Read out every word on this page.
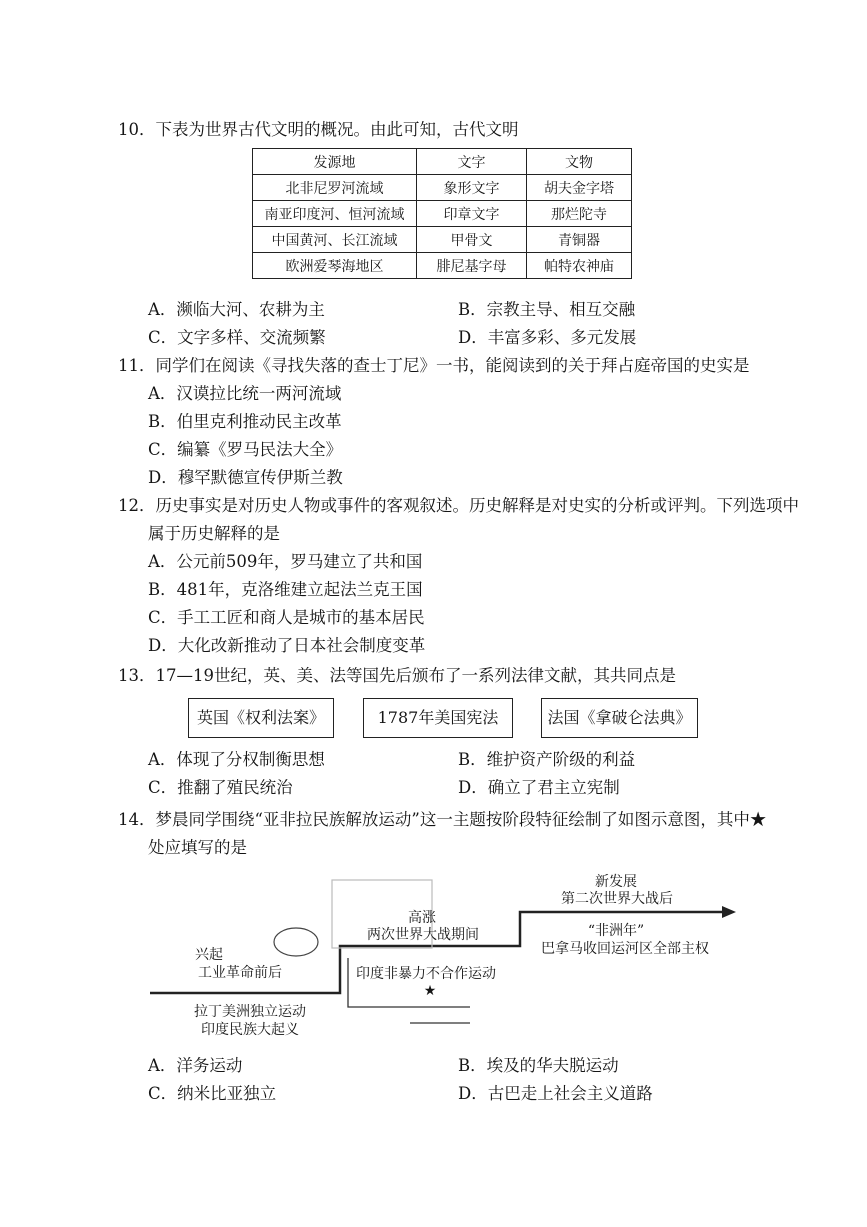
10．下表为世界古代文明的概况。由此可知，古代文明
发源地	文字	文物
北非尼罗河流域	象形文字	胡夫金字塔
南亚印度河、恒河流域	印章文字	那烂陀寺
中国黄河、长江流域	甲骨文	青铜器
欧洲爱琴海地区	腓尼基字母	帕特农神庙
A．濒临大河、农耕为主	B．宗教主导、相互交融
C．文字多样、交流频繁	D．丰富多彩、多元发展
11．同学们在阅读《寻找失落的查士丁尼》一书，能阅读到的关于拜占庭帝国的史实是
A．汉谟拉比统一两河流域
B．伯里克利推动民主改革
C．编纂《罗马民法大全》
D．穆罕默德宣传伊斯兰教
12．历史事实是对历史人物或事件的客观叙述。历史解释是对史实的分析或评判。下列选项中
属于历史解释的是
A．公元前509年，罗马建立了共和国
B．481年，克洛维建立起法兰克王国
C．手工工匠和商人是城市的基本居民
D．大化改新推动了日本社会制度变革
13．17—19世纪，英、美、法等国先后颁布了一系列法律文献，其共同点是
英国《权利法案》	1787年美国宪法	法国《拿破仑法典》
A．体现了分权制衡思想	B．维护资产阶级的利益
C．推翻了殖民统治	D．确立了君主立宪制
14．梦晨同学围绕“亚非拉民族解放运动”这一主题按阶段特征绘制了如图示意图，其中★
处应填写的是
兴起
工业革命前后
拉丁美洲独立运动
印度民族大起义
高涨
两次世界大战期间
印度非暴力不合作运动
★
新发展
第二次世界大战后
“非洲年”
巴拿马收回运河区全部主权
A．洋务运动	B．埃及的华夫脱运动
C．纳米比亚独立	D．古巴走上社会主义道路
